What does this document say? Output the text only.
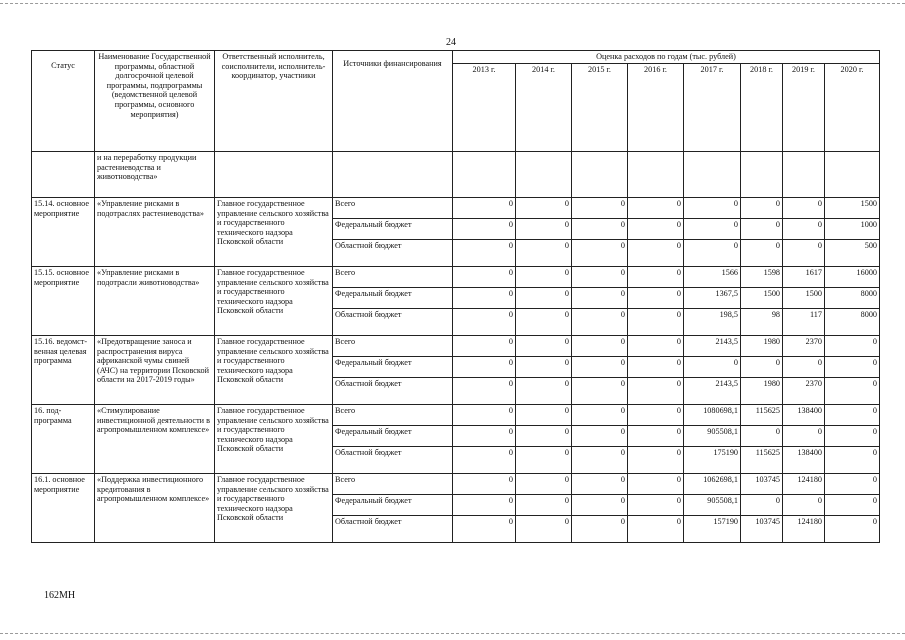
24
Статус	Наименование Государственной программы, областной долгосрочной целевой программы, подпрограммы (ведомственной целевой программы, основного мероприятия)	Ответственный исполнитель, соисполнители, исполнитель-координатор, участники	Источники финансирования	Оценка расходов по годам (тыс. рублей)							
				2013 г.	2014 г.	2015 г.	2016 г.	2017 г.	2018 г.	2019 г.	2020 г.
	и на переработку продукции растениеводства и животноводства»										
15.14. основное мероприятие	«Управление рисками в подотраслях растениеводства»	Главное государственное управление сельского хозяйства и государственного технического надзора Псковской области	Всего	0	0	0	0	0	0	0	1500
			Федеральный бюджет	0	0	0	0	0	0	0	1000
			Областной бюджет	0	0	0	0	0	0	0	500
15.15. основное мероприятие	«Управление рисками в подотрасли животноводства»	Главное государственное управление сельского хозяйства и государственного технического надзора Псковской области	Всего	0	0	0	0	1566	1598	1617	16000
			Федеральный бюджет	0	0	0	0	1367,5	1500	1500	8000
			Областной бюджет	0	0	0	0	198,5	98	117	8000
15.16. ведомст-венная целевая программа	«Предотвращение заноса и распространения вируса африканской чумы свиней (АЧС) на территории Псковской области на 2017-2019 годы»	Главное государственное управление сельского хозяйства и государственного технического надзора Псковской области	Всего	0	0	0	0	2143,5	1980	2370	0
			Федеральный бюджет	0	0	0	0	0	0	0	0
			Областной бюджет	0	0	0	0	2143,5	1980	2370	0
16. под-программа	«Стимулирование инвестиционной деятельности в агропромышленном комплексе»	Главное государственное управление сельского хозяйства и государственного технического надзора Псковской области	Всего	0	0	0	0	1080698,1	115625	138400	0
			Федеральный бюджет	0	0	0	0	905508,1	0	0	0
			Областной бюджет	0	0	0	0	175190	115625	138400	0
16.1. основное мероприятие	«Поддержка инвестиционного кредитования в агропромышленном комплексе»	Главное государственное управление сельского хозяйства и государственного технического надзора Псковской области	Всего	0	0	0	0	1062698,1	103745	124180	0
			Федеральный бюджет	0	0	0	0	905508,1	0	0	0
			Областной бюджет	0	0	0	0	157190	103745	124180	0
162МН
